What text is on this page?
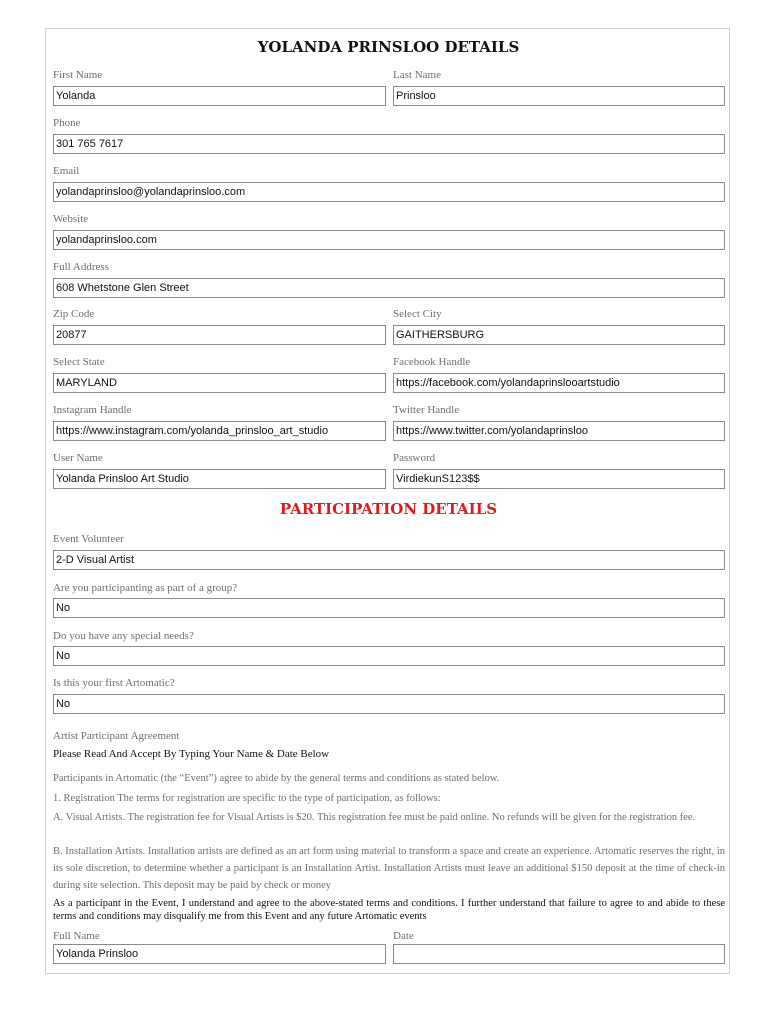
YOLANDA PRINSLOO DETAILS
First Name	Last Name
Yolanda	Prinsloo
Phone
301 765 7617
Email
yolandaprinsloo@yolandaprinsloo.com
Website
yolandaprinsloo.com
Full Address
608 Whetstone Glen Street
Zip Code	Select City
20877	GAITHERSBURG
Select State	Facebook Handle
MARYLAND	https://facebook.com/yolandaprinslooartstudio
Instagram Handle	Twitter Handle
https://www.instagram.com/yolanda_prinsloo_art_studio	https://www.twitter.com/yolandaprinsloo
User Name	Password
Yolanda Prinsloo Art Studio	VirdiekunS123$$
PARTICIPATION DETAILS
Event Volunteer
2-D Visual Artist
Are you participanting as part of a group?
No
Do you have any special needs?
No
Is this your first Artomatic?
No
Artist Participant Agreement
Please Read And Accept By Typing Your Name & Date Below
Participants in Artomatic (the “Event”) agree to abide by the general terms and conditions as stated below.
1. Registration The terms for registration are specific to the type of participation, as follows:
A. Visual Artists. The registration fee for Visual Artists is $20. This registration fee must be paid online. No refunds will be given for the registration fee.
B. Installation Artists. Installation artists are defined as an art form using material to transform a space and create an experience. Artomatic reserves the right, in its sole discretion, to determine whether a participant is an Installation Artist. Installation Artists must leave an additional $150 deposit at the time of check-in during site selection. This deposit may be paid by check or money
As a participant in the Event, I understand and agree to the above-stated terms and conditions. I further understand that failure to agree to and abide to these terms and conditions may disqualify me from this Event and any future Artomatic events
Full Name	Date
Yolanda Prinsloo
